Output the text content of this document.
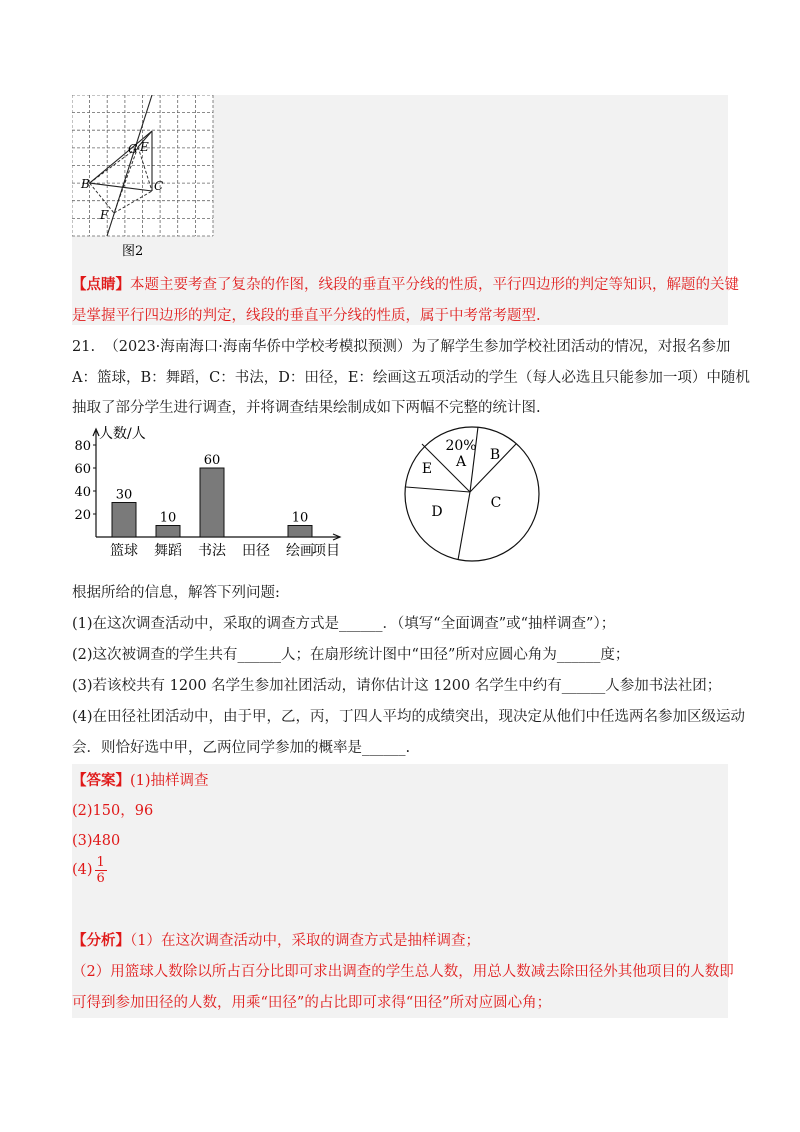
G E
B	C
F
图2
【点睛】本题主要考查了复杂的作图，线段的垂直平分线的性质，平行四边形的判定等知识，解题的关键
是掌握平行四边形的判定，线段的垂直平分线的性质，属于中考常考题型.
21. （2023·海南海口·海南华侨中学校考模拟预测）为了解学生参加学校社团活动的情况，对报名参加
A：篮球，B：舞蹈，C：书法，D：田径，E：绘画这五项活动的学生（每人必选且只能参加一项）中随机
抽取了部分学生进行调查，并将调查结果绘制成如下两幅不完整的统计图.
人数/人
20
40
60
80
30
篮球
10
舞蹈
60
书法 田径
10
绘画
项目
A
20%
B
C
D
E
根据所给的信息，解答下列问题:
(1)在这次调查活动中，采取的调查方式是______．（填写“全面调查”或“抽样调查”）；
(2)这次被调查的学生共有______人；在扇形统计图中“田径”所对应圆心角为______度；
(3)若该校共有 1200 名学生参加社团活动，请你估计这 1200 名学生中约有______人参加书法社团；
(4)在田径社团活动中，由于甲，乙，丙，丁四人平均的成绩突出，现决定从他们中任选两名参加区级运动
会．则恰好选中甲，乙两位同学参加的概率是______.
【答案】(1)抽样调查
(2)150，96
(3)480
$(4) \frac{1}{6}$
【分析】（1）在这次调查活动中，采取的调查方式是抽样调查；
（2）用篮球人数除以所占百分比即可求出调查的学生总人数，用总人数减去除田径外其他项目的人数即
可得到参加田径的人数，用乘“田径”的占比即可求得“田径”所对应圆心角；
